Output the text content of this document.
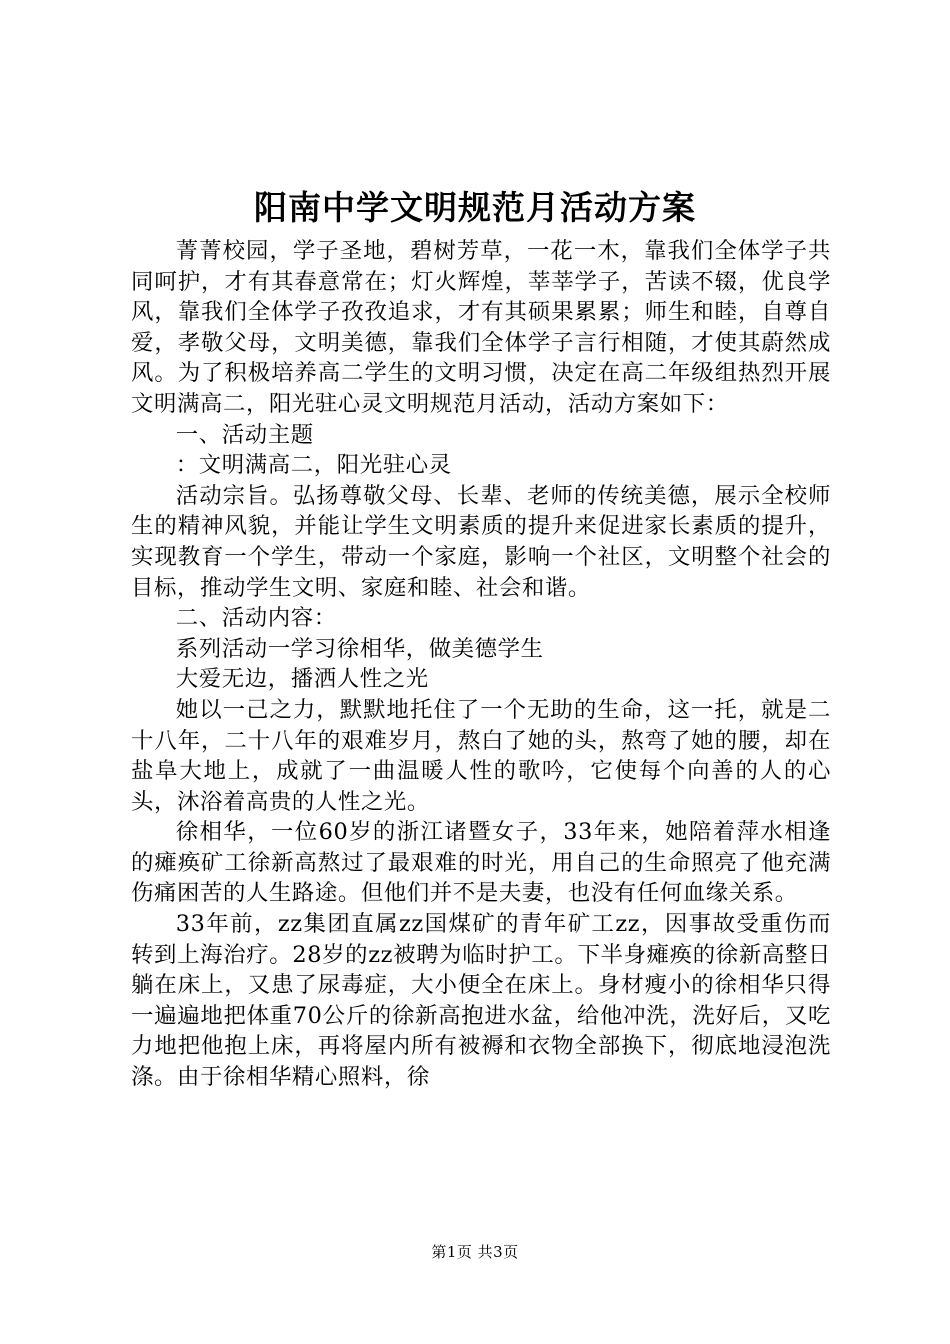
阳南中学文明规范月活动方案

菁菁校园，学子圣地，碧树芳草，一花一木，靠我们全体学子共同呵护，才有其春意常在；灯火辉煌，莘莘学子，苦读不辍，优良学风，靠我们全体学子孜孜追求，才有其硕果累累；师生和睦，自尊自爱，孝敬父母，文明美德，靠我们全体学子言行相随，才使其蔚然成风。为了积极培养高二学生的文明习惯，决定在高二年级组热烈开展文明满高二，阳光驻心灵文明规范月活动，活动方案如下：

一、活动主题

：文明满高二，阳光驻心灵

活动宗旨。弘扬尊敬父母、长辈、老师的传统美德，展示全校师生的精神风貌，并能让学生文明素质的提升来促进家长素质的提升，实现教育一个学生，带动一个家庭，影响一个社区，文明整个社会的目标，推动学生文明、家庭和睦、社会和谐。

二、活动内容：

系列活动一学习徐相华，做美德学生

大爱无边，播洒人性之光

她以一己之力，默默地托住了一个无助的生命，这一托，就是二十八年，二十八年的艰难岁月，熬白了她的头，熬弯了她的腰，却在盐阜大地上，成就了一曲温暖人性的歌吟，它使每个向善的人的心头，沐浴着高贵的人性之光。

徐相华，一位60岁的浙江诸暨女子，33年来，她陪着萍水相逢的瘫痪矿工徐新高熬过了最艰难的时光，用自己的生命照亮了他充满伤痛困苦的人生路途。但他们并不是夫妻，也没有任何血缘关系。

33年前，zz集团直属zz国煤矿的青年矿工zz，因事故受重伤而转到上海治疗。28岁的zz被聘为临时护工。下半身瘫痪的徐新高整日躺在床上，又患了尿毒症，大小便全在床上。身材瘦小的徐相华只得一遍遍地把体重70公斤的徐新高抱进水盆，给他冲洗，洗好后，又吃力地把他抱上床，再将屋内所有被褥和衣物全部换下，彻底地浸泡洗涤。由于徐相华精心照料，徐

第1页 共3页
